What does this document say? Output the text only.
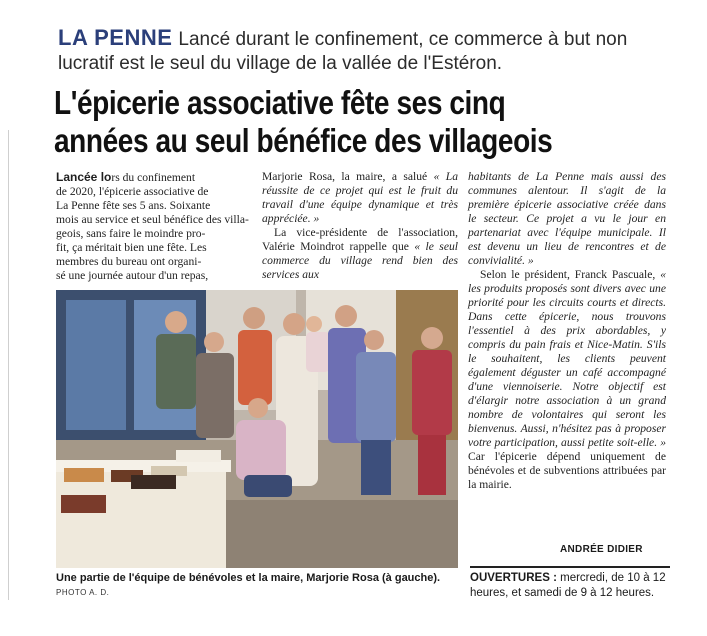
LA PENNE Lancé durant le confinement, ce commerce à but non lucratif est le seul du village de la vallée de l'Estéron.
L'épicerie associative fête ses cinq années au seul bénéfice des villageois
Lancée lors du confinement
de 2020, l'épicerie associative de
La Penne fête ses 5 ans. Soixante
mois au service et seul bénéfice des villa-
geois, sans faire le moindre pro-
fit, ça méritait bien une fête. Les
membres du bureau ont organi-
sé une journée autour d'un repas,

Marjorie Rosa, la maire, a salué « La réussite de ce projet qui est le fruit du travail d'une équipe dynamique et très appréciée. »

La vice-présidente de l'association, Valérie Moindrot rappelle que « le seul commerce du village rend bien des services aux

habitants de La Penne mais aussi des communes alentour. Il s'agit de la première épicerie associative créée dans le secteur. Ce projet a vu le jour en partenariat avec l'équipe municipale. Il est devenu un lieu de rencontres et de convivialité. »

Selon le président, Franck Pascuale, « les produits proposés sont divers avec une priorité pour les circuits courts et directs. Dans cette épicerie, nous trouvons l'essentiel à des prix abordables, y compris du pain frais et Nice-Matin. S'ils le souhaitent, les clients peuvent également déguster un café accompagné d'une viennoiserie. Notre objectif est d'élargir notre association à un grand nombre de volontaires qui seront les bienvenus. Aussi, n'hésitez pas à proposer votre participation, aussi petite soit-elle. » Car l'épicerie dépend uniquement de bénévoles et de subventions attribuées par la mairie.

ANDRÉE DIDIER
OUVERTURES : mercredi, de 10 à 12 heures, et samedi de 9 à 12 heures.
Une partie de l'équipe de bénévoles et la maire, Marjorie Rosa (à gauche).
PHOTO A. D.
